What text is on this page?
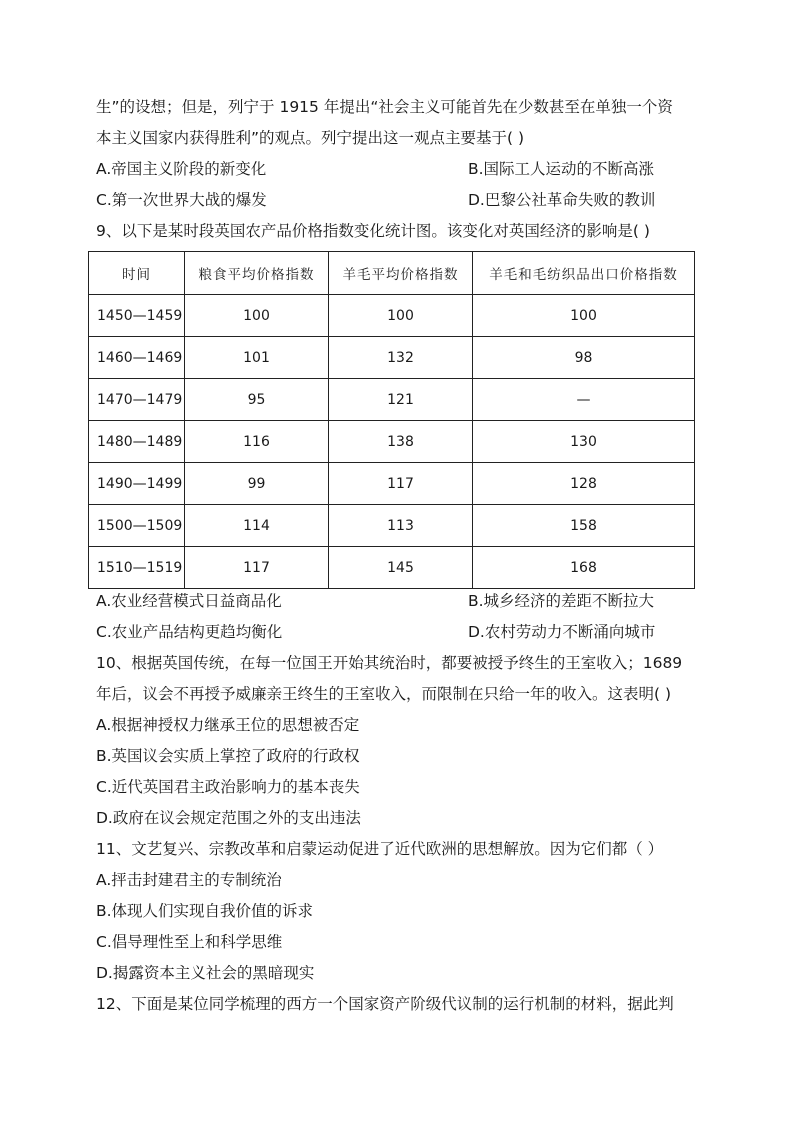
生”的设想；但是，列宁于 1915 年提出“社会主义可能首先在少数甚至在单独一个资
本主义国家内获得胜利”的观点。列宁提出这一观点主要基于( )
A.帝国主义阶段的新变化	B.国际工人运动的不断高涨
C.第一次世界大战的爆发	D.巴黎公社革命失败的教训
9、以下是某时段英国农产品价格指数变化统计图。该变化对英国经济的影响是( )
时间	粮食平均价格指数	羊毛平均价格指数	羊毛和毛纺织品出口价格指数
1450—1459	100	100	100
1460—1469	101	132	98
1470—1479	95	121	—
1480—1489	116	138	130
1490—1499	99	117	128
1500—1509	114	113	158
1510—1519	117	145	168
A.农业经营模式日益商品化	B.城乡经济的差距不断拉大
C.农业产品结构更趋均衡化	D.农村劳动力不断涌向城市
10、根据英国传统，在每一位国王开始其统治时，都要被授予终生的王室收入；1689
年后，议会不再授予威廉亲王终生的王室收入，而限制在只给一年的收入。这表明( )
A.根据神授权力继承王位的思想被否定
B.英国议会实质上掌控了政府的行政权
C.近代英国君主政治影响力的基本丧失
D.政府在议会规定范围之外的支出违法
11、文艺复兴、宗教改革和启蒙运动促进了近代欧洲的思想解放。因为它们都（ ）
A.抨击封建君主的专制统治
B.体现人们实现自我价值的诉求
C.倡导理性至上和科学思维
D.揭露资本主义社会的黑暗现实
12、下面是某位同学梳理的西方一个国家资产阶级代议制的运行机制的材料，据此判
